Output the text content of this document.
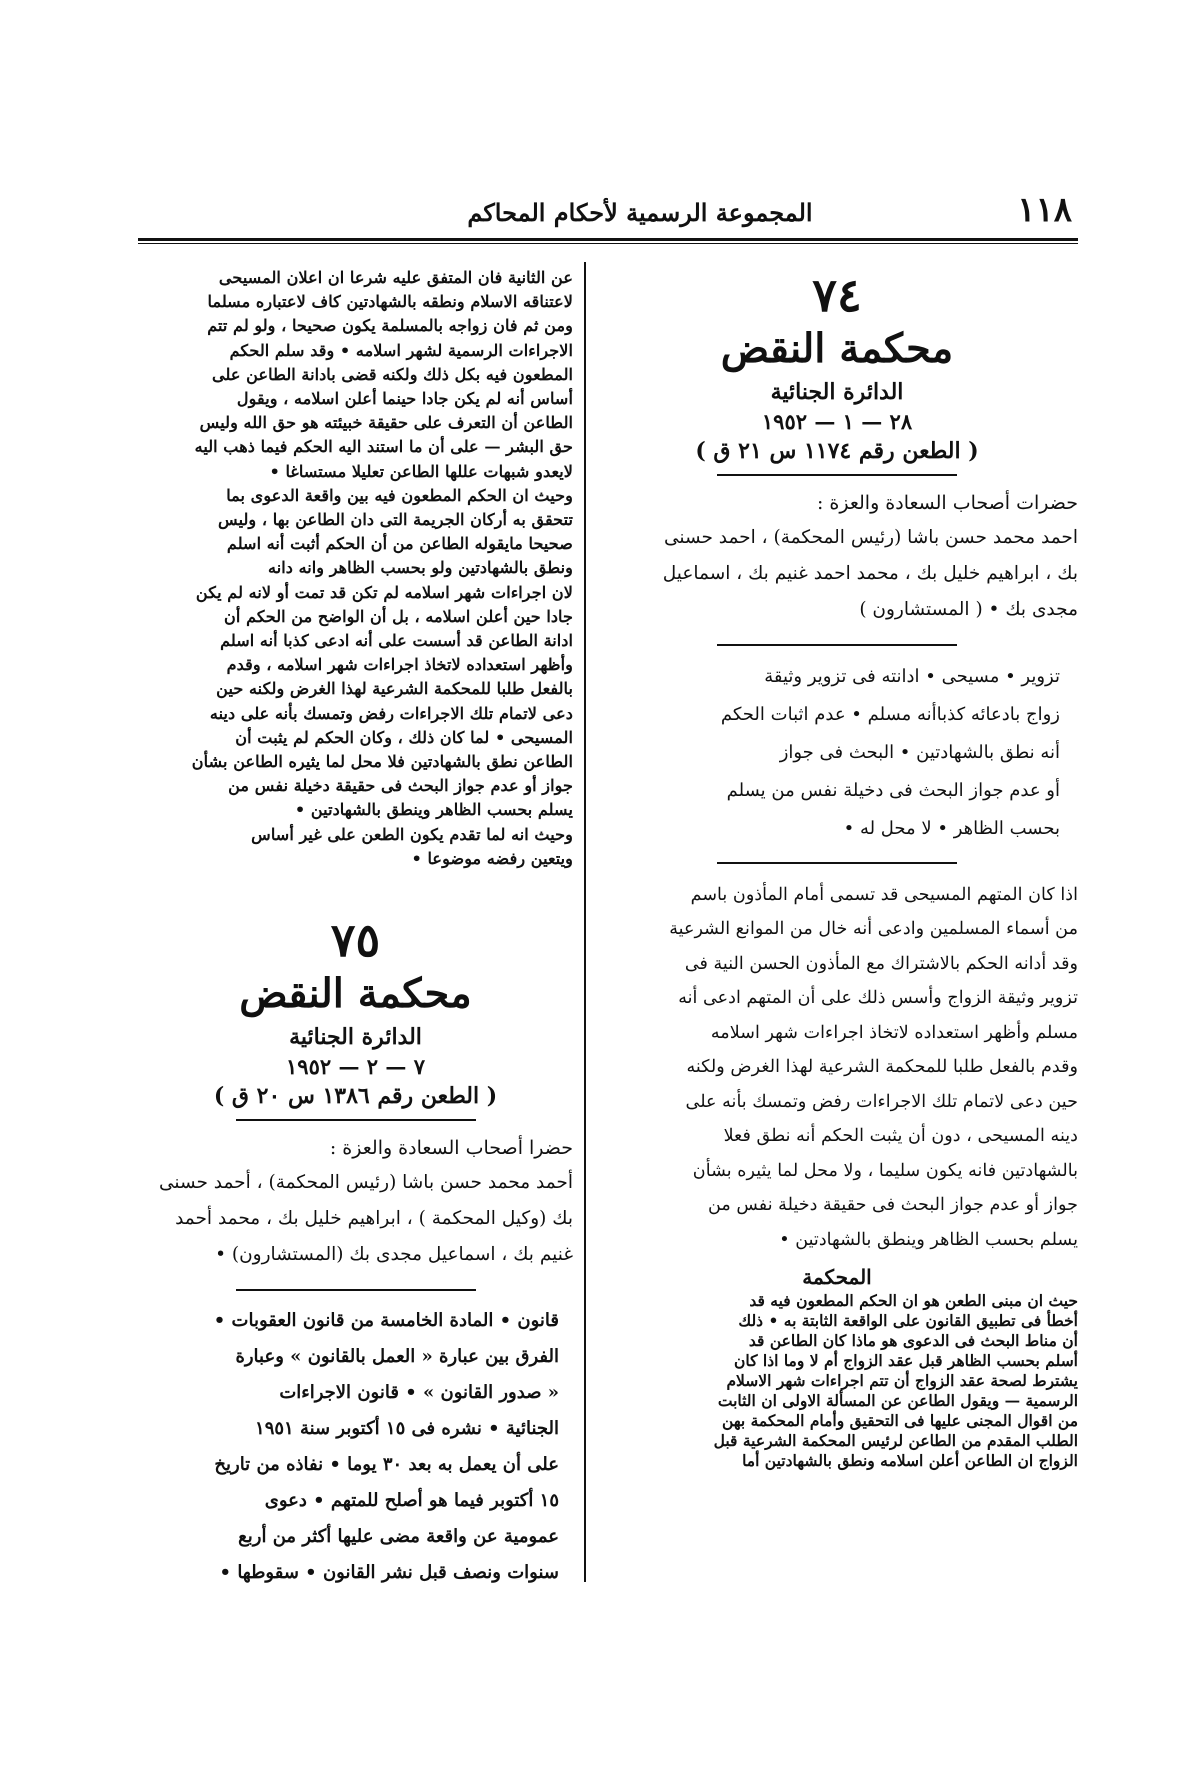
١١٨
المجموعة الرسمية لأحكام المحاكم
٧٤
محكمة النقض
الدائرة الجنائية
٢٨ — ١ — ١٩٥٢
( الطعن رقم ١١٧٤ س ٢١ ق )
حضرات أصحاب السعادة والعزة :
احمد محمد حسن باشا (رئيس المحكمة) ، احمد حسنى
بك ، ابراهيم خليل بك ، محمد احمد غنيم بك ، اسماعيل
مجدى بك • ( المستشارون )
تزوير • مسيحى • ادانته فى تزوير وثيقة
زواج بادعائه كذباأنه مسلم • عدم اثبات الحكم
أنه نطق بالشهادتين • البحث فى جواز
أو عدم جواز البحث فى دخيلة نفس من يسلم
بحسب الظاهر • لا محل له •
اذا كان المتهم المسيحى قد تسمى أمام المأذون باسم
من أسماء المسلمين وادعى أنه خال من الموانع الشرعية
وقد أدانه الحكم بالاشتراك مع المأذون الحسن النية فى
تزوير وثيقة الزواج وأسس ذلك على أن المتهم ادعى أنه
مسلم وأظهر استعداده لاتخاذ اجراءات شهر اسلامه
وقدم بالفعل طلبا للمحكمة الشرعية لهذا الغرض ولكنه
حين دعى لاتمام تلك الاجراءات رفض وتمسك بأنه على
دينه المسيحى ، دون أن يثبت الحكم أنه نطق فعلا
بالشهادتين فانه يكون سليما ، ولا محل لما يثيره بشأن
جواز أو عدم جواز البحث فى حقيقة دخيلة نفس من
يسلم بحسب الظاهر وينطق بالشهادتين •
المحكمة
حيث ان مبنى الطعن هو ان الحكم المطعون فيه قد
أخطأ فى تطبيق القانون على الواقعة الثابتة به • ذلك
أن مناط البحث فى الدعوى هو ماذا كان الطاعن قد
أسلم بحسب الظاهر قبل عقد الزواج أم لا وما اذا كان
يشترط لصحة عقد الزواج أن تتم اجراءات شهر الاسلام
الرسمية — ويقول الطاعن عن المسألة الاولى ان الثابت
من اقوال المجنى عليها فى التحقيق وأمام المحكمة بهن
الطلب المقدم من الطاعن لرئيس المحكمة الشرعية قبل
الزواج ان الطاعن أعلن اسلامه ونطق بالشهادتين أما
عن الثانية فان المتفق عليه شرعا ان اعلان المسيحى
لاعتناقه الاسلام ونطقه بالشهادتين كاف لاعتباره مسلما
ومن ثم فان زواجه بالمسلمة يكون صحيحا ، ولو لم تتم
الاجراءات الرسمية لشهر اسلامه • وقد سلم الحكم
المطعون فيه بكل ذلك ولكنه قضى بادانة الطاعن على
أساس أنه لم يكن جادا حينما أعلن اسلامه ، ويقول
الطاعن أن التعرف على حقيقة خبيئته هو حق الله وليس
حق البشر — على أن ما استند اليه الحكم فيما ذهب اليه
لايعدو شبهات عللها الطاعن تعليلا مستساغا •
وحيث ان الحكم المطعون فيه بين واقعة الدعوى بما
تتحقق به أركان الجريمة التى دان الطاعن بها ، وليس
صحيحا مايقوله الطاعن من أن الحكم أثبت أنه اسلم
ونطق بالشهادتين ولو بحسب الظاهر وانه دانه
لان اجراءات شهر اسلامه لم تكن قد تمت أو لانه لم يكن
جادا حين أعلن اسلامه ، بل أن الواضح من الحكم أن
ادانة الطاعن قد أسست على أنه ادعى كذبا أنه اسلم
وأظهر استعداده لاتخاذ اجراءات شهر اسلامه ، وقدم
بالفعل طلبا للمحكمة الشرعية لهذا الغرض ولكنه حين
دعى لاتمام تلك الاجراءات رفض وتمسك بأنه على دينه
المسيحى • لما كان ذلك ، وكان الحكم لم يثبت أن
الطاعن نطق بالشهادتين فلا محل لما يثيره الطاعن بشأن
جواز أو عدم جواز البحث فى حقيقة دخيلة نفس من
يسلم بحسب الظاهر وينطق بالشهادتين •
وحيث انه لما تقدم يكون الطعن على غير أساس
ويتعين رفضه موضوعا •
٧٥
محكمة النقض
الدائرة الجنائية
٧ — ٢ — ١٩٥٢
( الطعن رقم ١٣٨٦ س ٢٠ ق )
حضرا أصحاب السعادة والعزة :
أحمد محمد حسن باشا (رئيس المحكمة) ، أحمد حسنى
بك (وكيل المحكمة ) ، ابراهيم خليل بك ، محمد أحمد
غنيم بك ، اسماعيل مجدى بك (المستشارون) •
قانون • المادة الخامسة من قانون العقوبات •
الفرق بين عبارة « العمل بالقانون » وعبارة
« صدور القانون » • قانون الاجراءات
الجنائية • نشره فى ١٥ أكتوبر سنة ١٩٥١
على أن يعمل به بعد ٣٠ يوما • نفاذه من تاريخ
١٥ أكتوبر فيما هو أصلح للمتهم • دعوى
عمومية عن واقعة مضى عليها أكثر من أربع
سنوات ونصف قبل نشر القانون • سقوطها •
